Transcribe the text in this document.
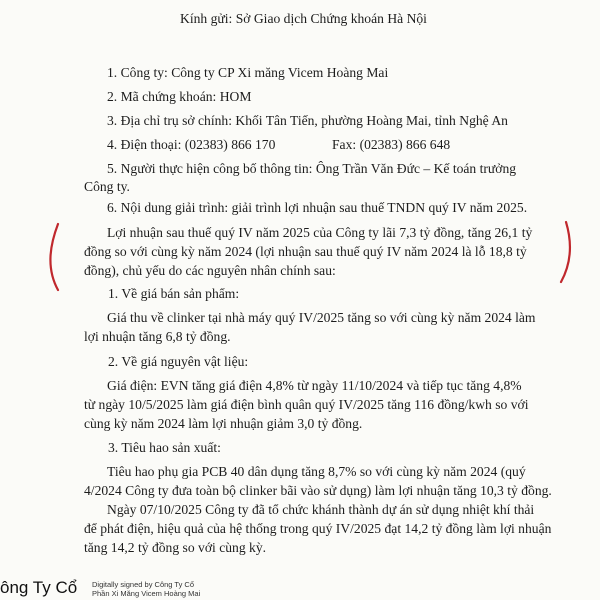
Kính gửi: Sở Giao dịch Chứng khoán Hà Nội
1. Công ty: Công ty CP Xi măng Vicem Hoàng Mai
2. Mã chứng khoán: HOM
3. Địa chỉ trụ sở chính: Khối Tân Tiến, phường Hoàng Mai, tỉnh Nghệ An
4. Điện thoại: (02383) 866 170	Fax: (02383) 866 648
5. Người thực hiện công bố thông tin: Ông Trần Văn Đức – Kế toán trưởng
Công ty.
6. Nội dung giải trình: giải trình lợi nhuận sau thuế TNDN quý IV năm 2025.
Lợi nhuận sau thuế quý IV năm 2025 của Công ty lãi 7,3 tỷ đồng, tăng 26,1 tỷ
đồng so với cùng kỳ năm 2024 (lợi nhuận sau thuế quý IV năm 2024 là lỗ 18,8 tỷ
đồng), chủ yếu do các nguyên nhân chính sau:
1. Về giá bán sản phẩm:
Giá thu về clinker tại nhà máy quý IV/2025 tăng so với cùng kỳ năm 2024 làm
lợi nhuận tăng 6,8 tỷ đồng.
2. Về giá nguyên vật liệu:
Giá điện: EVN tăng giá điện 4,8% từ ngày 11/10/2024 và tiếp tục tăng 4,8%
từ ngày 10/5/2025 làm giá điện bình quân quý IV/2025 tăng 116 đồng/kwh so với
cùng kỳ năm 2024 làm lợi nhuận giảm 3,0 tỷ đồng.
3. Tiêu hao sản xuất:
Tiêu hao phụ gia PCB 40 dân dụng tăng 8,7% so với cùng kỳ năm 2024 (quý
4/2024 Công ty đưa toàn bộ clinker bãi vào sử dụng) làm lợi nhuận tăng 10,3 tỷ đồng.
Ngày 07/10/2025 Công ty đã tổ chức khánh thành dự án sử dụng nhiệt khí thải
để phát điện, hiệu quả của hệ thống trong quý IV/2025 đạt 14,2 tỷ đồng làm lợi nhuận
tăng 14,2 tỷ đồng so với cùng kỳ.
ông Ty Cổ Digitally signed by Công Ty Cổ
Phần Xi Măng Vicem Hoàng Mai
